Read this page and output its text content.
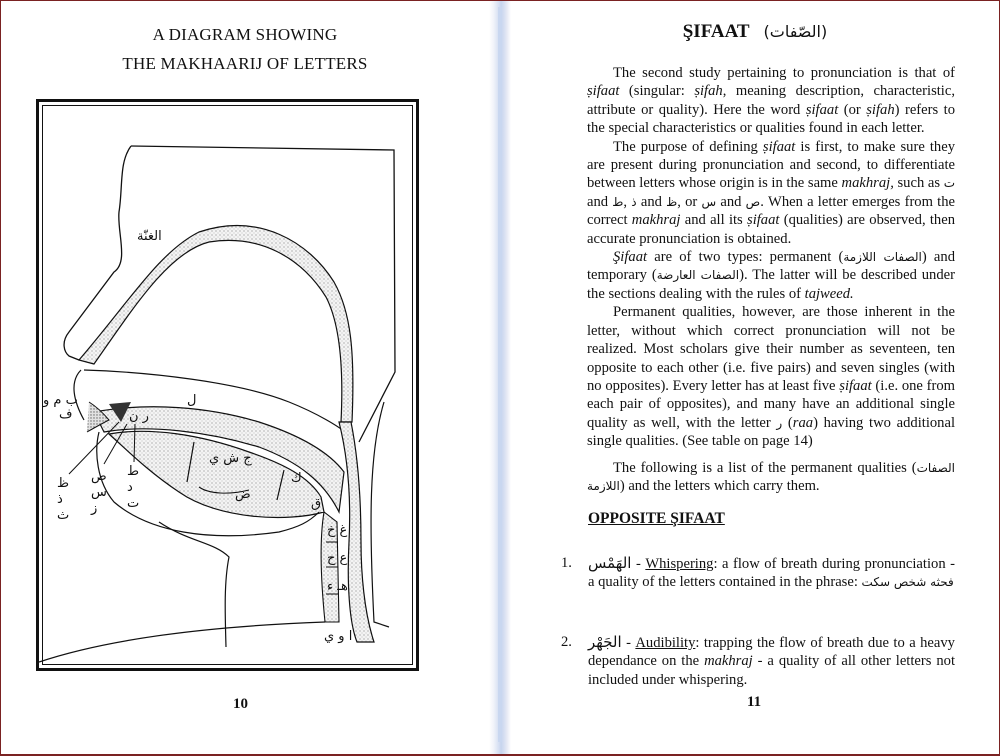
A DIAGRAM SHOWING
THE MAKHAARIJ OF LETTERS
الغنّة
ب م و
ف	ر ن
ل
ج ش ي
ض
ك
ق
غ خ
ع ح
هـ ء
ا و ي
ظ
ذ
ث
ص
س
ز
ط
د
ت
10
ŞIFAAT (الصّفات)
11

The second study pertaining to pronunciation is that of ṣifaat (singular: ṣifah, meaning description, characteristic, attribute or quality). Here the word ṣifaat (or ṣifah) refers to the special characteristics or qualities found in each letter.

The purpose of defining ṣifaat is first, to make sure they are present during pronunciation and second, to differentiate between letters whose origin is in the same makhraj, such as ت and ط, ذ and ظ, or س and ص. When a letter emerges from the correct makhraj and all its ṣifaat (qualities) are observed, then accurate pronunciation is obtained.

Şifaat are of two types: permanent (الصفات اللازمة) and temporary (الصفات العارضة). The latter will be described under the sections dealing with the rules of tajweed.

Permanent qualities, however, are those inherent in the letter, without which correct pronunciation will not be realized. Most scholars give their number as seventeen, ten opposite to each other (i.e. five pairs) and seven singles (with no opposites). Every letter has at least five ṣifaat (i.e. one from each pair of opposites), and many have an additional single quality as well, with the letter ر (raa) having two additional single qualities. (See table on page 14)

The following is a list of the permanent qualities (الصفات اللازمة) and the letters which carry them.

OPPOSITE ŞIFAAT
1. الهَمْس - Whispering: a flow of breath during pronunciation - a quality of the letters contained in the phrase: فحثه شخص سكت
2. الجَهْر - Audibility: trapping the flow of breath due to a heavy dependance on the makhraj - a quality of all other letters not included under whispering.
